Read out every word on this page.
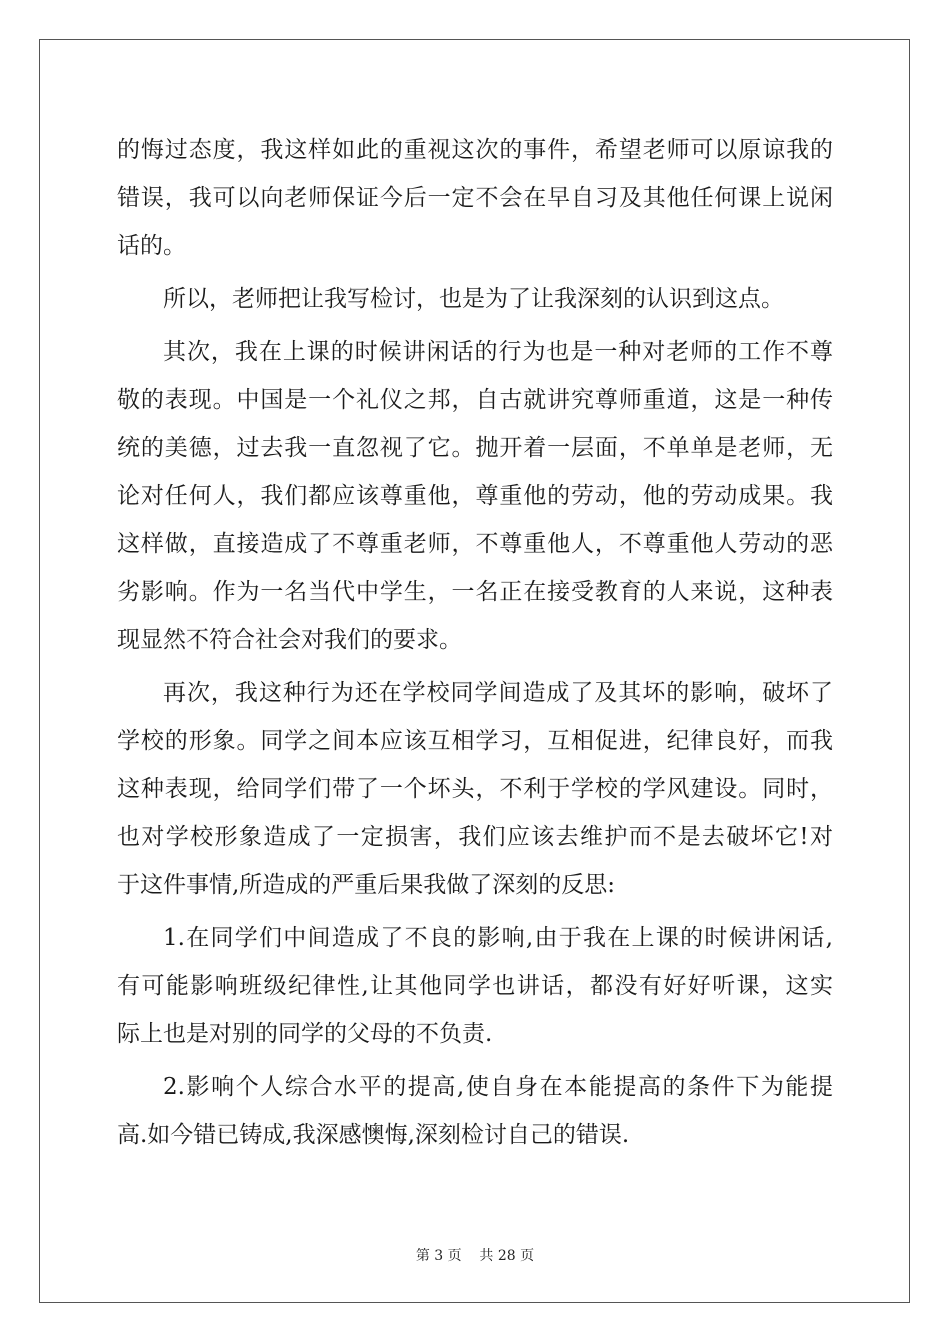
的悔过态度，我这样如此的重视这次的事件，希望老师可以原谅我的
错误，我可以向老师保证今后一定不会在早自习及其他任何课上说闲
话的。
所以，老师把让我写检讨，也是为了让我深刻的认识到这点。
其次，我在上课的时候讲闲话的行为也是一种对老师的工作不尊
敬的表现。中国是一个礼仪之邦，自古就讲究尊师重道，这是一种传
统的美德，过去我一直忽视了它。抛开着一层面，不单单是老师，无
论对任何人，我们都应该尊重他，尊重他的劳动，他的劳动成果。我
这样做，直接造成了不尊重老师，不尊重他人，不尊重他人劳动的恶
劣影响。作为一名当代中学生，一名正在接受教育的人来说，这种表
现显然不符合社会对我们的要求。
再次，我这种行为还在学校同学间造成了及其坏的影响，破坏了
学校的形象。同学之间本应该互相学习，互相促进，纪律良好，而我
这种表现，给同学们带了一个坏头，不利于学校的学风建设。同时，
也对学校形象造成了一定损害，我们应该去维护而不是去破坏它!对
于这件事情,所造成的严重后果我做了深刻的反思:
1.在同学们中间造成了不良的影响,由于我在上课的时候讲闲话,
有可能影响班级纪律性,让其他同学也讲话，都没有好好听课，这实
际上也是对别的同学的父母的不负责.
2.影响个人综合水平的提高,使自身在本能提高的条件下为能提
高.如今错已铸成,我深感懊悔,深刻检讨自己的错误.
第 3 页    共 28 页
